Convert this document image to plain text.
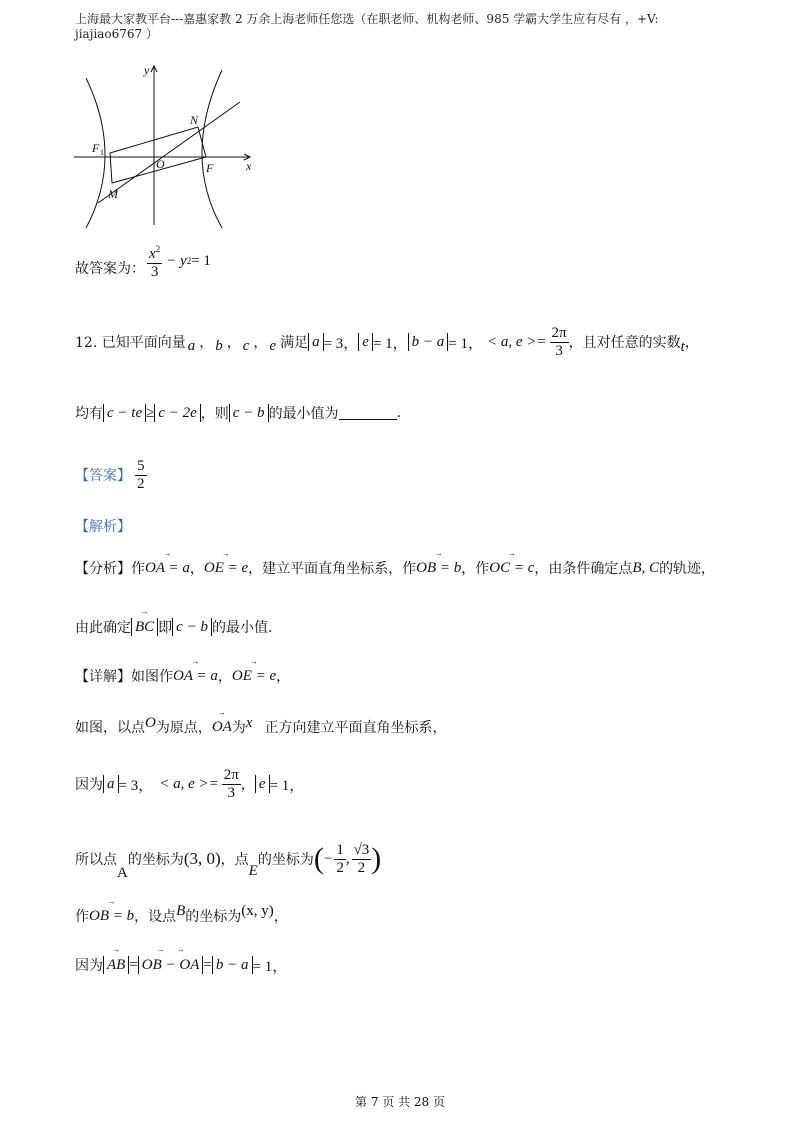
上海最大家教平台---嘉惠家教 2 万余上海老师任您选（在职老师、机构老师、985 学霸大学生应有尽有 ，+V:
jiajiao6767 ）
y
x
N
F 1
O	F
M
故答案为： $\frac{x^2}{3} - y$ 2 = 1
12. 已知平面向量 a ， b ， c ， e 满足 a = 3， e = 1， b − a = 1， < a, $e >= \frac{2\pi}{3}$ ，且对任意的实数 t ，
均有 c − te ≥ c − 2e ，则 c − b 的最小值为	.
【答案】 $\frac{5}{2}$
【解析】
【分析】作
→
OA = a ，
→
OE = e ，建立平面直角坐标系，作
→
OB = b ，作
→
OC = c ，由条件确定点 B, C 的轨迹，
由此确定
→
BC 即 c − b 的最小值.
【详解】如图作
→
OA = a ，
→
OE = e ，
如图，以点 O 为原点，
→
OA 为 x 正方向建立平面直角坐标系，
因为 a = 3， < a, $e >= \frac{2\pi}{3}$ ， e = 1，
所以点
A
的坐标为 (3, 0) ，点
E
的坐标为 ( − $\frac{1}{2}$ , $\frac{√3}{2}$ )
作
→
OB = b ，设点 B 的坐标为 (x, y) ，
因为
→
AB =
→      →
OB − OA = b − a = 1，
第 7 页 共 28 页
